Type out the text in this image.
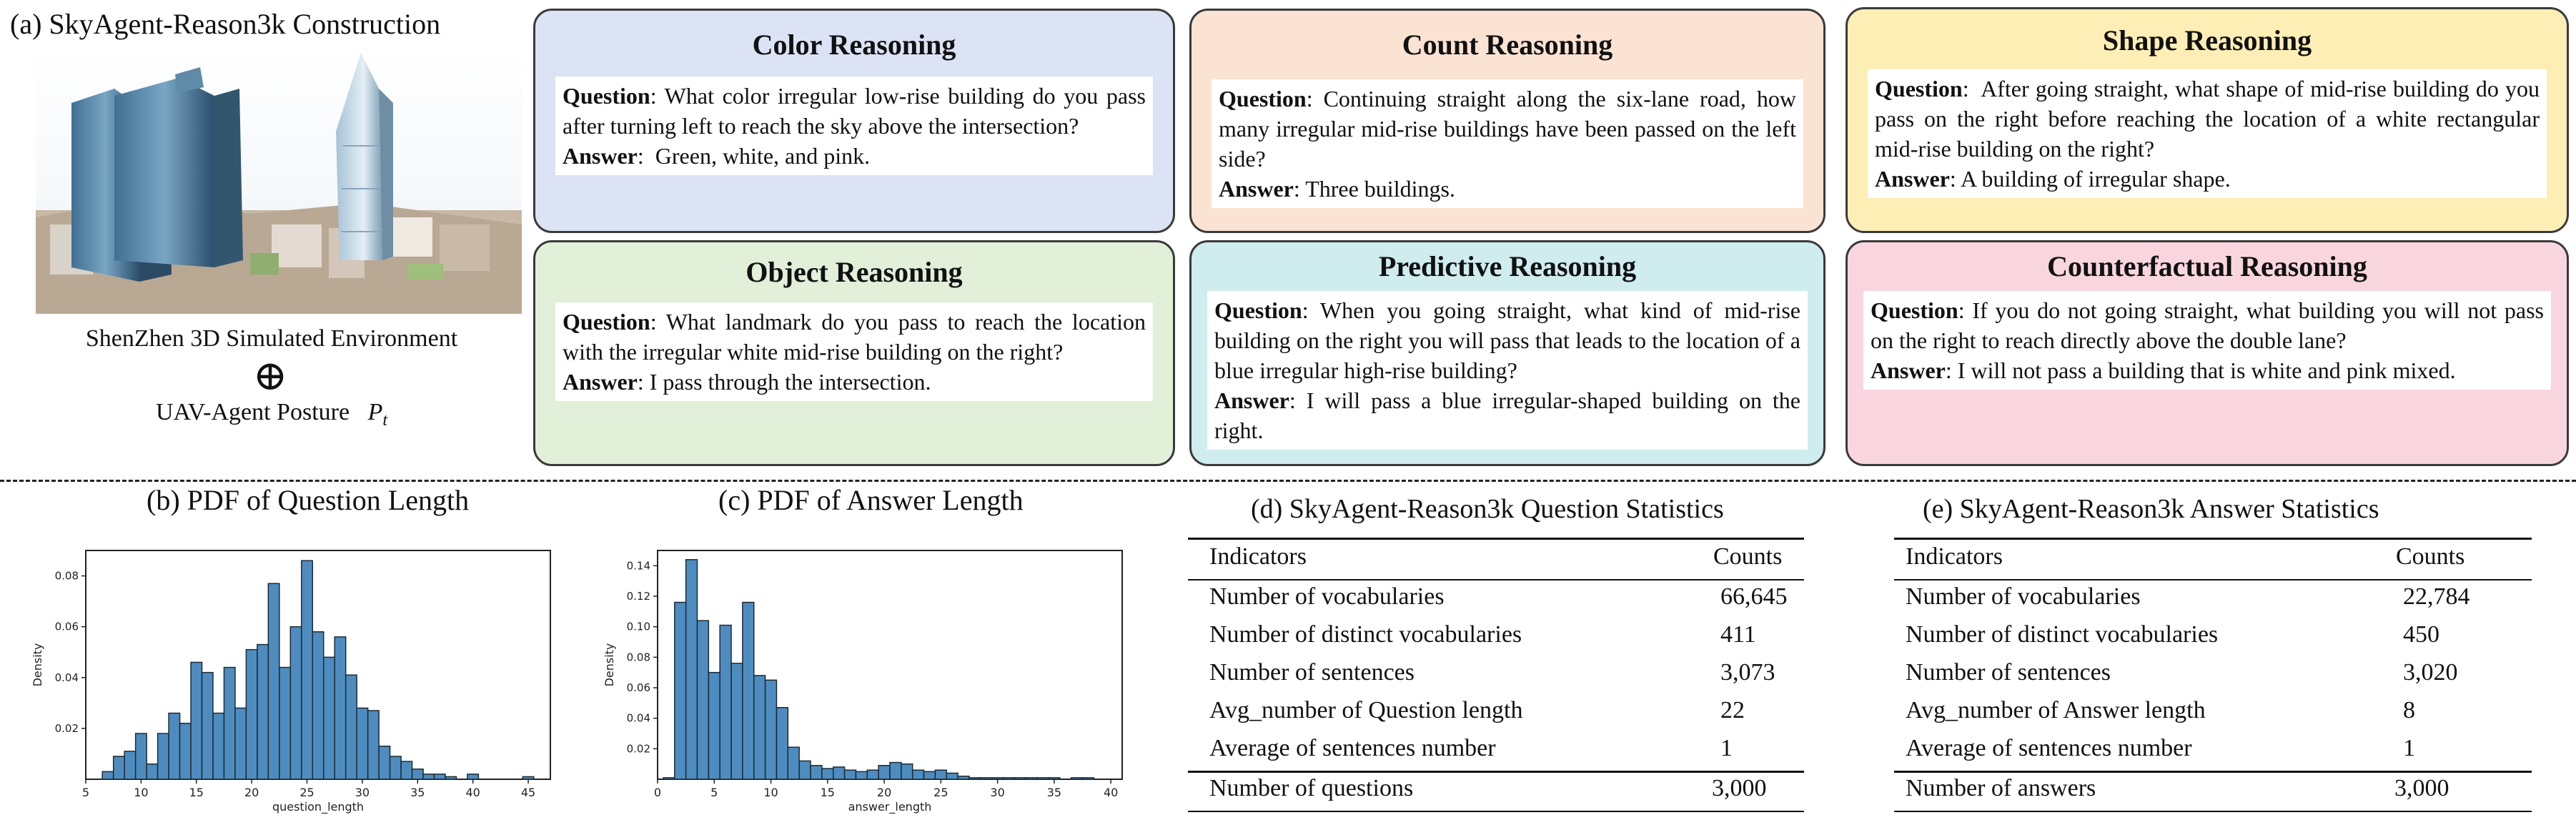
(a) SkyAgent-Reason3k Construction
ShenZhen 3D Simulated Environment
⊕
UAV-Agent Posture $P_t$
Color Reasoning
Question: What color irregular low-rise building do you pass after turning left to reach the sky above the intersection?
Answer:  Green, white, and pink.
Count Reasoning
Question: Continuing straight along the six-lane road, how many irregular mid-rise buildings have been passed on the left side?
Answer: Three buildings.
Shape Reasoning
Question:  After going straight, what shape of mid-rise building do you pass on the right before reaching the location of a white rectangular mid-rise building on the right?
Answer: A building of irregular shape.
Object Reasoning
Question: What landmark do you pass to reach the location with the irregular white mid-rise building on the right?
Answer: I pass through the intersection.
Predictive Reasoning
Question: When you going straight, what kind of mid-rise building on the right you will pass that leads to the location of a blue irregular high-rise building?
Answer: I will pass a blue irregular-shaped building on the right.
Counterfactual Reasoning
Question: If you do not going straight, what building you will not pass on the right to reach directly above the double lane?
Answer: I will not pass a building that is white and pink mixed.
(b) PDF of Question Length
5	10	15	20	25	30	35	40	45
0.02
0.04
0.06
0.08
question_length
Density
(c) PDF of Answer Length
0	5	10	15	20	25	30	35	40
0.02
0.04
0.06
0.08
0.10
0.12
0.14
answer_length
Density
(d) SkyAgent-Reason3k Question Statistics
Indicators	Counts
Number of vocabularies	66,645
Number of distinct vocabularies	411
Number of sentences	3,073
Avg_number of Question length	22
Average of sentences number	1
Number of questions	3,000
(e) SkyAgent-Reason3k Answer Statistics
Indicators	Counts
Number of vocabularies	22,784
Number of distinct vocabularies	450
Number of sentences	3,020
Avg_number of Answer length	8
Average of sentences number	1
Number of answers	3,000
